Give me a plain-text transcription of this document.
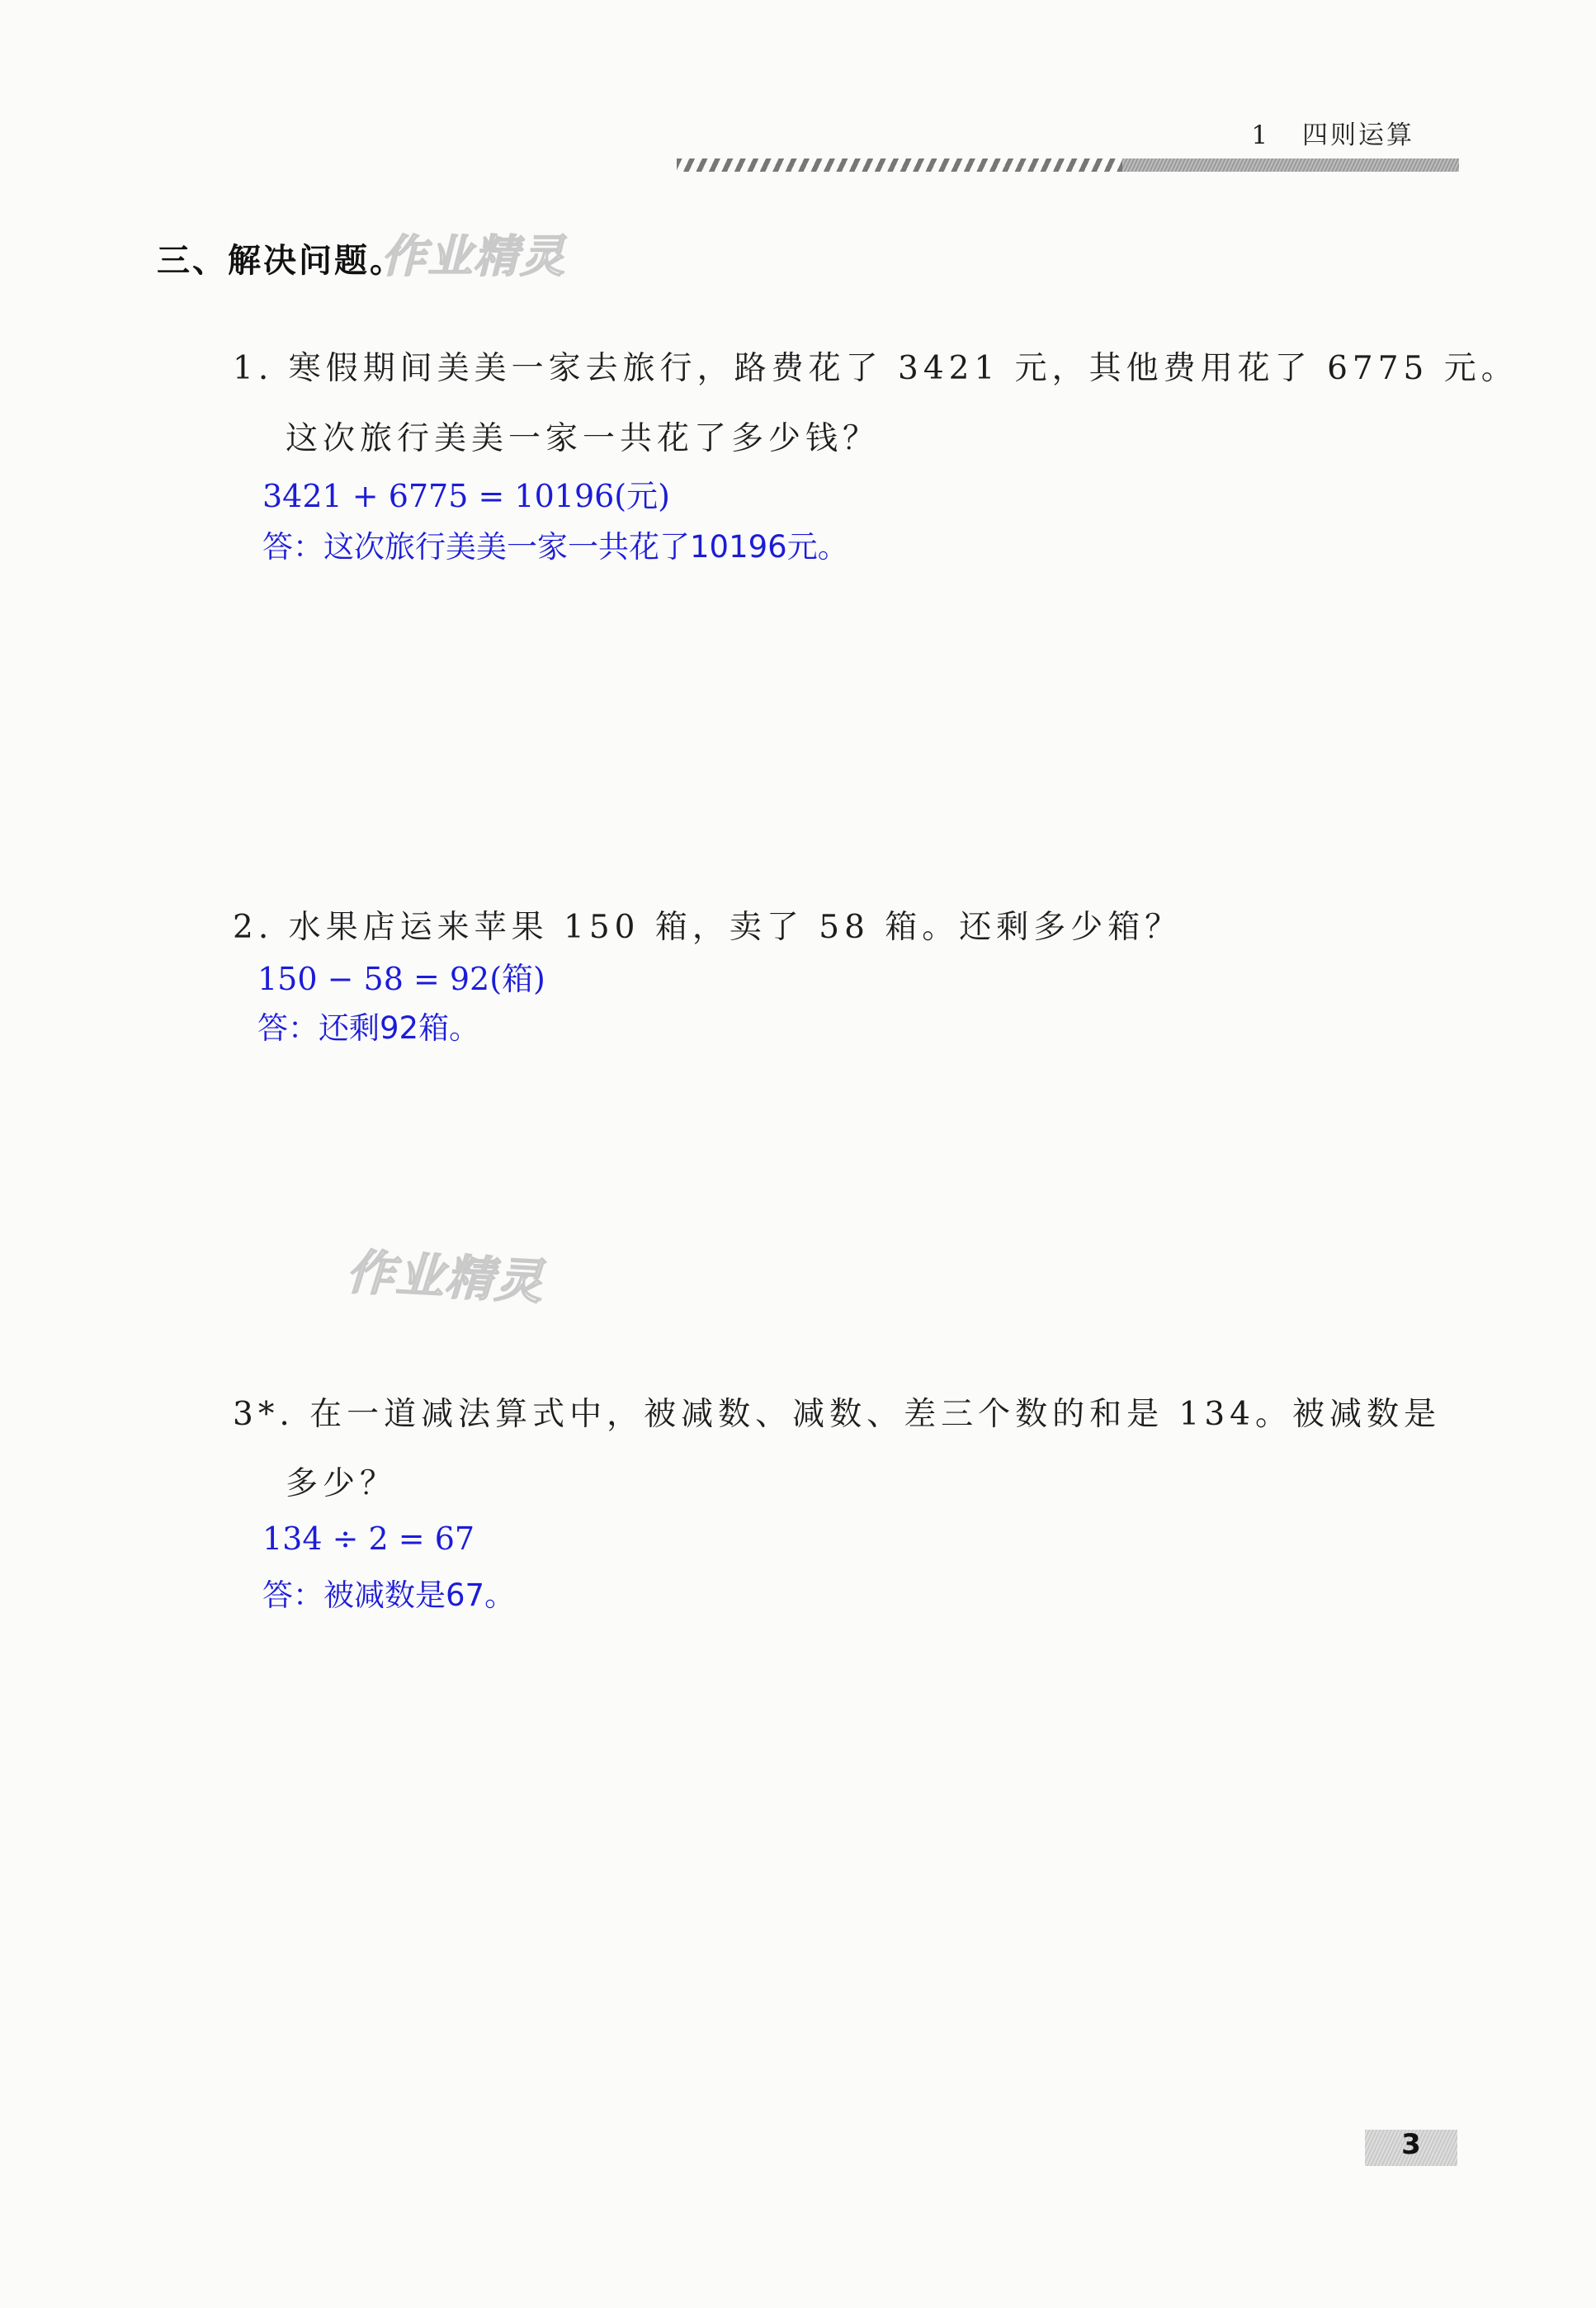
1 四则运算
三、解决问题。
作业精灵
作业精灵
1. 寒假期间美美一家去旅行，路费花了 3421 元，其他费用花了 6775 元。
这次旅行美美一家一共花了多少钱？
3421 + 6775 = 10196(元)
答：这次旅行美美一家一共花了10196元。
2. 水果店运来苹果 150 箱，卖了 58 箱。还剩多少箱？
150 − 58 = 92(箱)
答：还剩92箱。
3*. 在一道减法算式中，被减数、减数、差三个数的和是 134。被减数是
多少？
134 ÷ 2 = 67
答：被减数是67。
3
